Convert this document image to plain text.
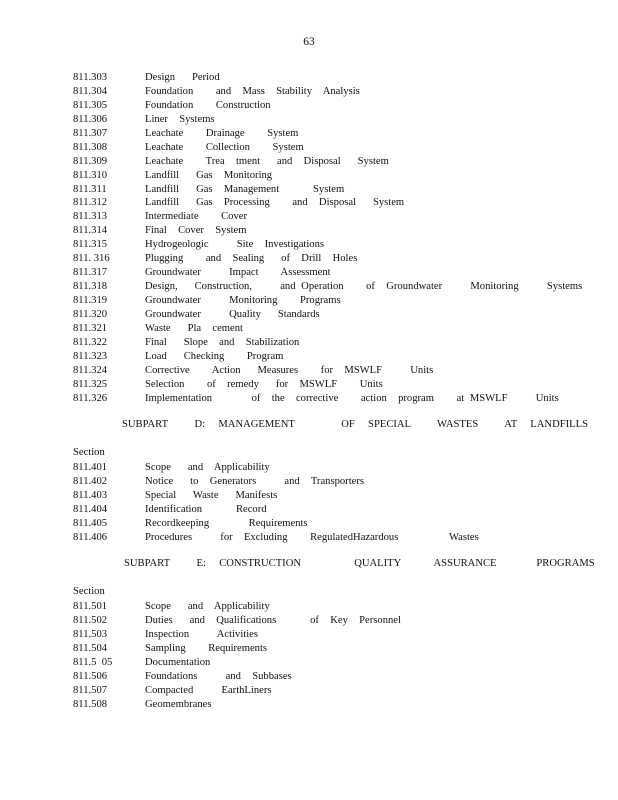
63
811.303	Design   Period
811.304	Foundation    and  Mass  Stability  Analysis
811.305	Foundation    Construction
811.306	Liner  Systems
811.307	Leachate    Drainage    System
811.308	Leachate    Collection    System
811.309	Leachate    Trea  tment   and  Disposal   System
811.310	Landfill   Gas  Monitoring
811.311	Landfill   Gas  Management      System
811.312	Landfill   Gas  Processing    and  Disposal   System
811.313	Intermediate    Cover
811.314	Final  Cover  System
811.315	Hydrogeologic     Site  Investigations
811. 316	Plugging    and  Sealing   of  Drill  Holes
811.317	Groundwater     Impact    Assessment
811.318	Design,   Construction,     and Operation    of  Groundwater     Monitoring     Systems
811.319	Groundwater     Monitoring    Programs
811.320	Groundwater     Quality   Standards
811.321	Waste   Pla  cement
811.322	Final   Slope  and  Stabilization
811.323	Load   Checking    Program
811.324	Corrective    Action   Measures    for  MSWLF     Units
811.325	Selection    of  remedy   for  MSWLF    Units
811.326	Implementation       of  the  corrective    action  program    at MSWLF     Units
SUBPART    D:  MANAGEMENT       OF  SPECIAL    WASTES    AT  LANDFILLS
Section
811.401	Scope   and  Applicability
811.402	Notice   to  Generators     and  Transporters
811.403	Special   Waste   Manifests
811.404	Identification      Record
811.405	Recordkeeping       Requirements
811.406	Procedures     for  Excluding    RegulatedHazardous         Wastes
SUBPART    E:  CONSTRUCTION        QUALITY     ASSURANCE      PROGRAMS
Section
811.501	Scope   and  Applicability
811.502	Duties   and  Qualifications      of  Key  Personnel
811.503	Inspection     Activities
811.504	Sampling    Requirements
811.5  05	Documentation
811.506	Foundations     and  Subbases
811.507	Compacted     EarthLiners
811.508	Geomembranes
